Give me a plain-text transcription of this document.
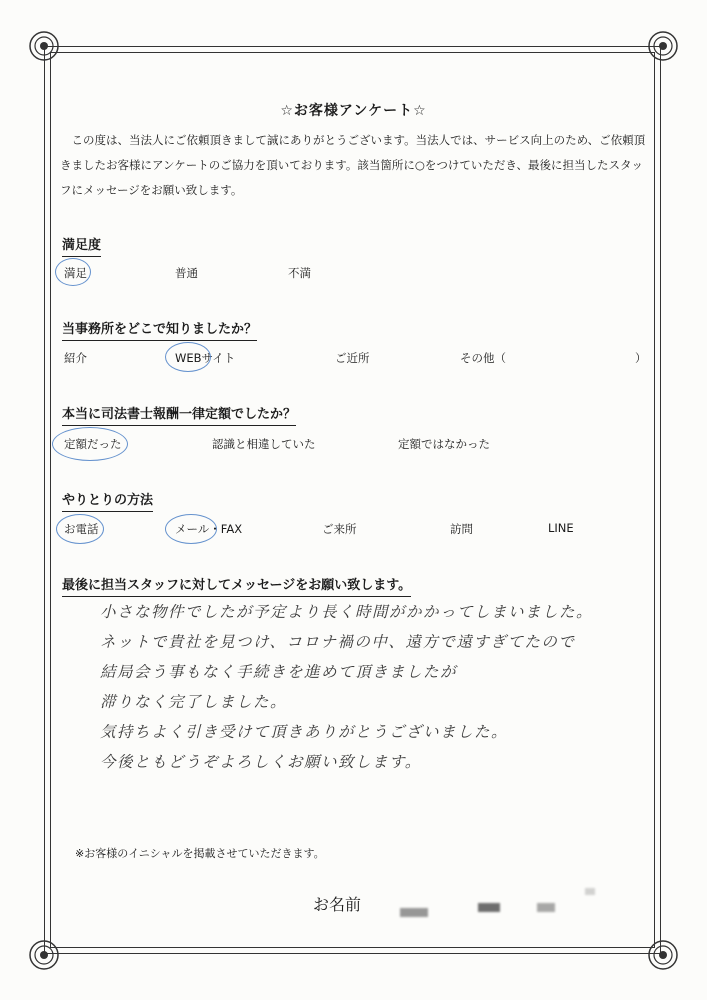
☆お客様アンケート☆
この度は、当法人にご依頼頂きまして誠にありがとうございます。当法人では、サービス向上のため、ご依頼頂きましたお客様にアンケートのご協力を頂いております。該当箇所に○をつけていただき、最後に担当したスタッフにメッセージをお願い致します。
満足度
満足	普通	不満
当事務所をどこで知りましたか？
紹介	WEBサイト	ご近所	その他（	）
本当に司法書士報酬一律定額でしたか？
定額だった	認識と相違していた	定額ではなかった
やりとりの方法
お電話	メール・FAX	ご来所	訪問	LINE
最後に担当スタッフに対してメッセージをお願い致します。
小さな物件でしたが予定より長く時間がかかってしまいました。
ネットで貴社を見つけ、コロナ禍の中、遠方で遠すぎてたので
結局会う事もなく手続きを進めて頂きましたが
滞りなく完了しました。
気持ちよく引き受けて頂きありがとうございました。
今後ともどうぞよろしくお願い致します。
※お客様のイニシャルを掲載させていただきます。
お名前
